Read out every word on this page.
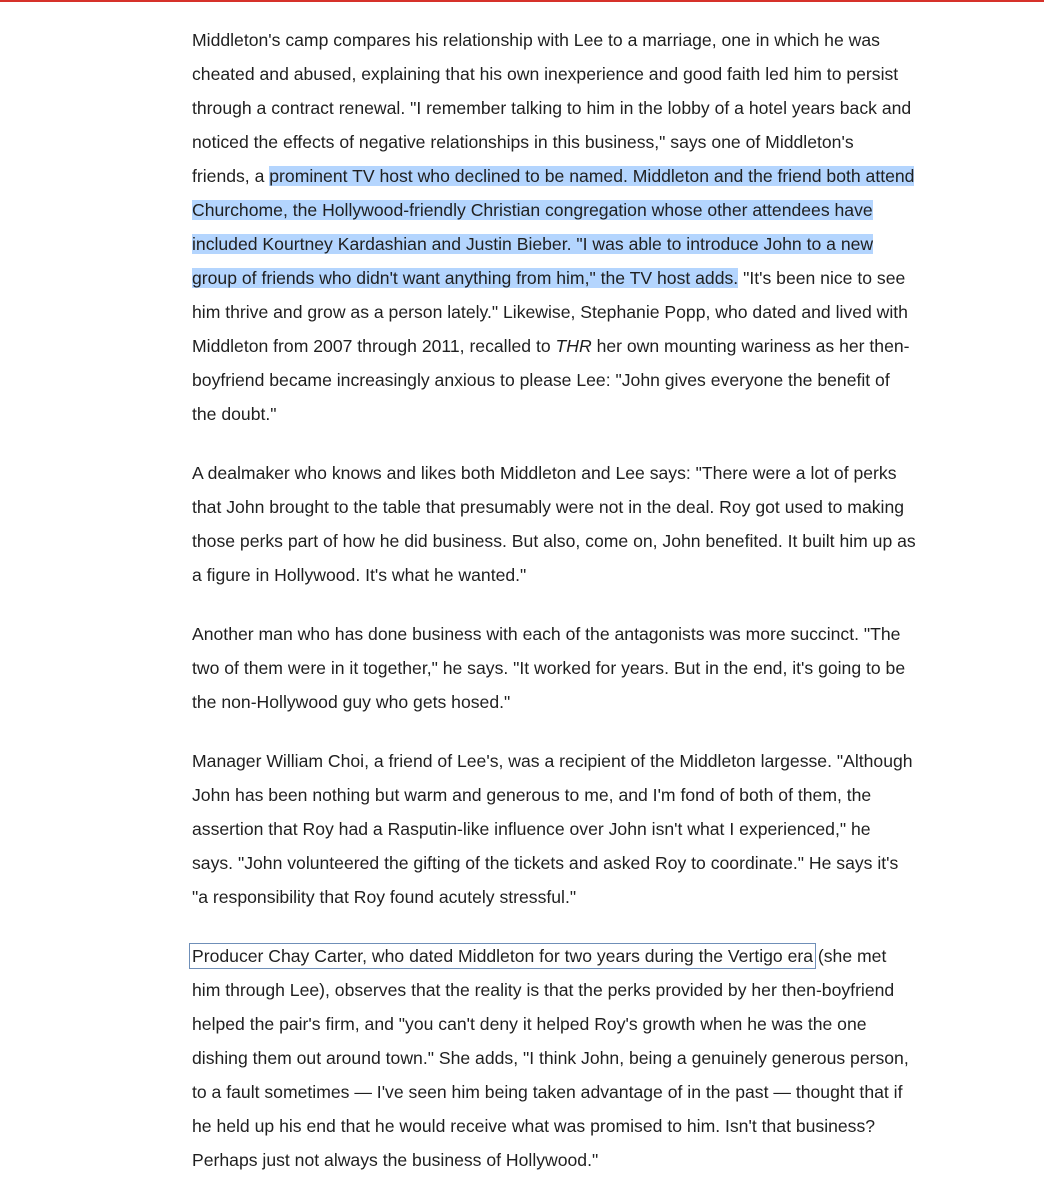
Middleton's camp compares his relationship with Lee to a marriage, one in which he was cheated and abused, explaining that his own inexperience and good faith led him to persist through a contract renewal. "I remember talking to him in the lobby of a hotel years back and noticed the effects of negative relationships in this business," says one of Middleton's friends, a prominent TV host who declined to be named. Middleton and the friend both attend Churchome, the Hollywood-friendly Christian congregation whose other attendees have included Kourtney Kardashian and Justin Bieber. "I was able to introduce John to a new group of friends who didn't want anything from him," the TV host adds. "It's been nice to see him thrive and grow as a person lately." Likewise, Stephanie Popp, who dated and lived with Middleton from 2007 through 2011, recalled to THR her own mounting wariness as her then-boyfriend became increasingly anxious to please Lee: "John gives everyone the benefit of the doubt."

A dealmaker who knows and likes both Middleton and Lee says: "There were a lot of perks that John brought to the table that presumably were not in the deal. Roy got used to making those perks part of how he did business. But also, come on, John benefited. It built him up as a figure in Hollywood. It's what he wanted."

Another man who has done business with each of the antagonists was more succinct. "The two of them were in it together," he says. "It worked for years. But in the end, it's going to be the non-Hollywood guy who gets hosed."

Manager William Choi, a friend of Lee's, was a recipient of the Middleton largesse. "Although John has been nothing but warm and generous to me, and I'm fond of both of them, the assertion that Roy had a Rasputin-like influence over John isn't what I experienced," he says. "John volunteered the gifting of the tickets and asked Roy to coordinate." He says it's "a responsibility that Roy found acutely stressful."

Producer Chay Carter, who dated Middleton for two years during the Vertigo era (she met him through Lee), observes that the reality is that the perks provided by her then-boyfriend helped the pair's firm, and "you can't deny it helped Roy's growth when he was the one dishing them out around town." She adds, "I think John, being a genuinely generous person, to a fault sometimes — I've seen him being taken advantage of in the past — thought that if he held up his end that he would receive what was promised to him. Isn't that business? Perhaps just not always the business of Hollywood."
